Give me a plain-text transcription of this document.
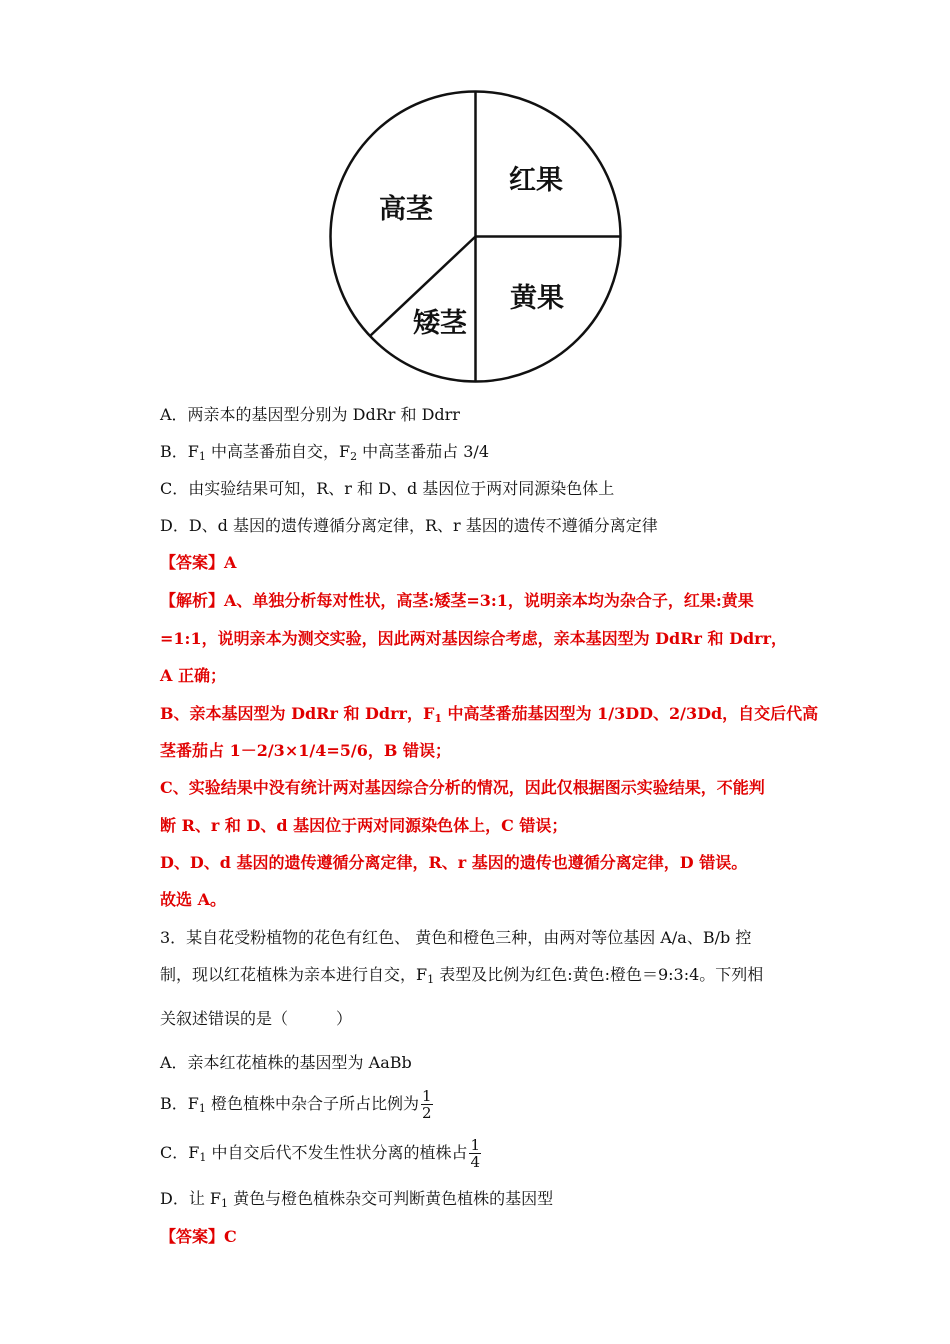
高茎
红果
黄果
矮茎
A．两亲本的基因型分别为 DdRr 和 Ddrr
B．$F_1$ 中高茎番茄自交，$F_2$ 中高茎番茄占 3/4
C．由实验结果可知，R、r 和 D、d 基因位于两对同源染色体上
D．D、d 基因的遗传遵循分离定律，R、r 基因的遗传不遵循分离定律
【答案】A
【解析】A、单独分析每对性状，高茎:矮茎=3:1，说明亲本均为杂合子，红果:黄果
=1:1，说明亲本为测交实验，因此两对基因综合考虑，亲本基因型为 DdRr 和 Ddrr，
A 正确；
B、亲本基因型为 DdRr 和 Ddrr，$F_1$ 中高茎番茄基因型为 1/3DD、2/3Dd，自交后代高
茎番茄占 1－2/3×1/4=5/6，B 错误；
C、实验结果中没有统计两对基因综合分析的情况，因此仅根据图示实验结果，不能判
断 R、r 和 D、d 基因位于两对同源染色体上，C 错误；
D、D、d 基因的遗传遵循分离定律，R、r 基因的遗传也遵循分离定律，D 错误。
故选 A。
3．某自花受粉植物的花色有红色、 黄色和橙色三种，由两对等位基因 A/a、B/b 控
制，现以红花植株为亲本进行自交，$F_1$ 表型及比例为红色:黄色:橙色＝9:3:4。下列相
关叙述错误的是（　　　）
A．亲本红花植株的基因型为 AaBb
B．$F_1$ 橙色植株中杂合子所占比例为 $\frac{1}{2}$
C．$F_1$ 中自交后代不发生性状分离的植株占 $\frac{1}{4}$
D．让 $F_1$ 黄色与橙色植株杂交可判断黄色植株的基因型
【答案】C
